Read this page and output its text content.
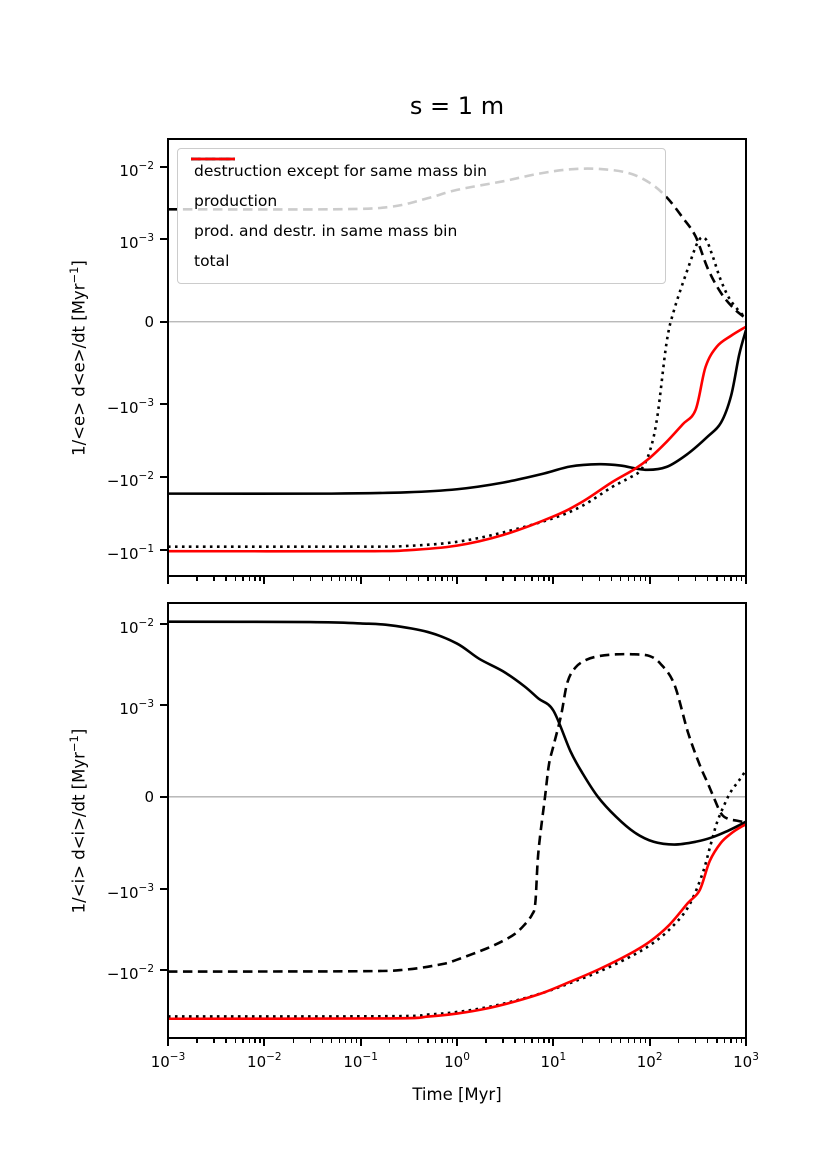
s = 1 m
destruction except for same mass bin
production
prod. and destr. in same mass bin
total
1/<e> d<e>/dt [Myr$^{-1}$]
1/<i> d<i>/dt [Myr$^{-1}$]
Time [Myr]
$10^{-2}$
$10^{-3}$
0
$-10^{-3}$
$-10^{-2}$
$-10^{-1}$
$10^{-2}$
$10^{-3}$
0
$-10^{-3}$
$-10^{-2}$
$10^{-3}$	$10^{-2}$	$10^{-1}$	$10^0$	$10^1$	$10^2$	$10^3$
